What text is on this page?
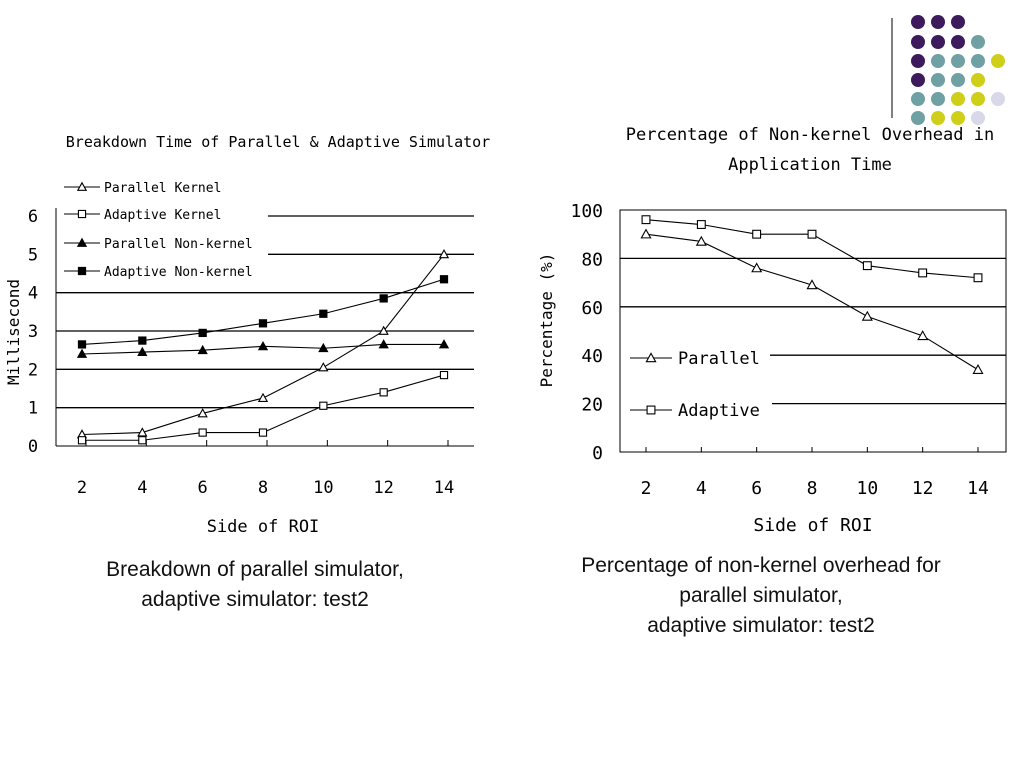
Breakdown Time of Parallel & Adaptive Simulator
0
1
2
3
4
5
6
2	4	6	8	10 12 14
Side of ROI
Millisecond
Parallel Kernel
Adaptive Kernel
Parallel Non-kernel
Adaptive Non-kernel
Percentage of Non-kernel Overhead in
Application Time
0
20
40
60
80
100
2 4 6 8 10 12 14
Side of ROI
Percentage (%)	Parallel
Adaptive
Breakdown of parallel simulator,
adaptive simulator: test2
Percentage of non-kernel overhead for
parallel simulator,
adaptive simulator: test2
